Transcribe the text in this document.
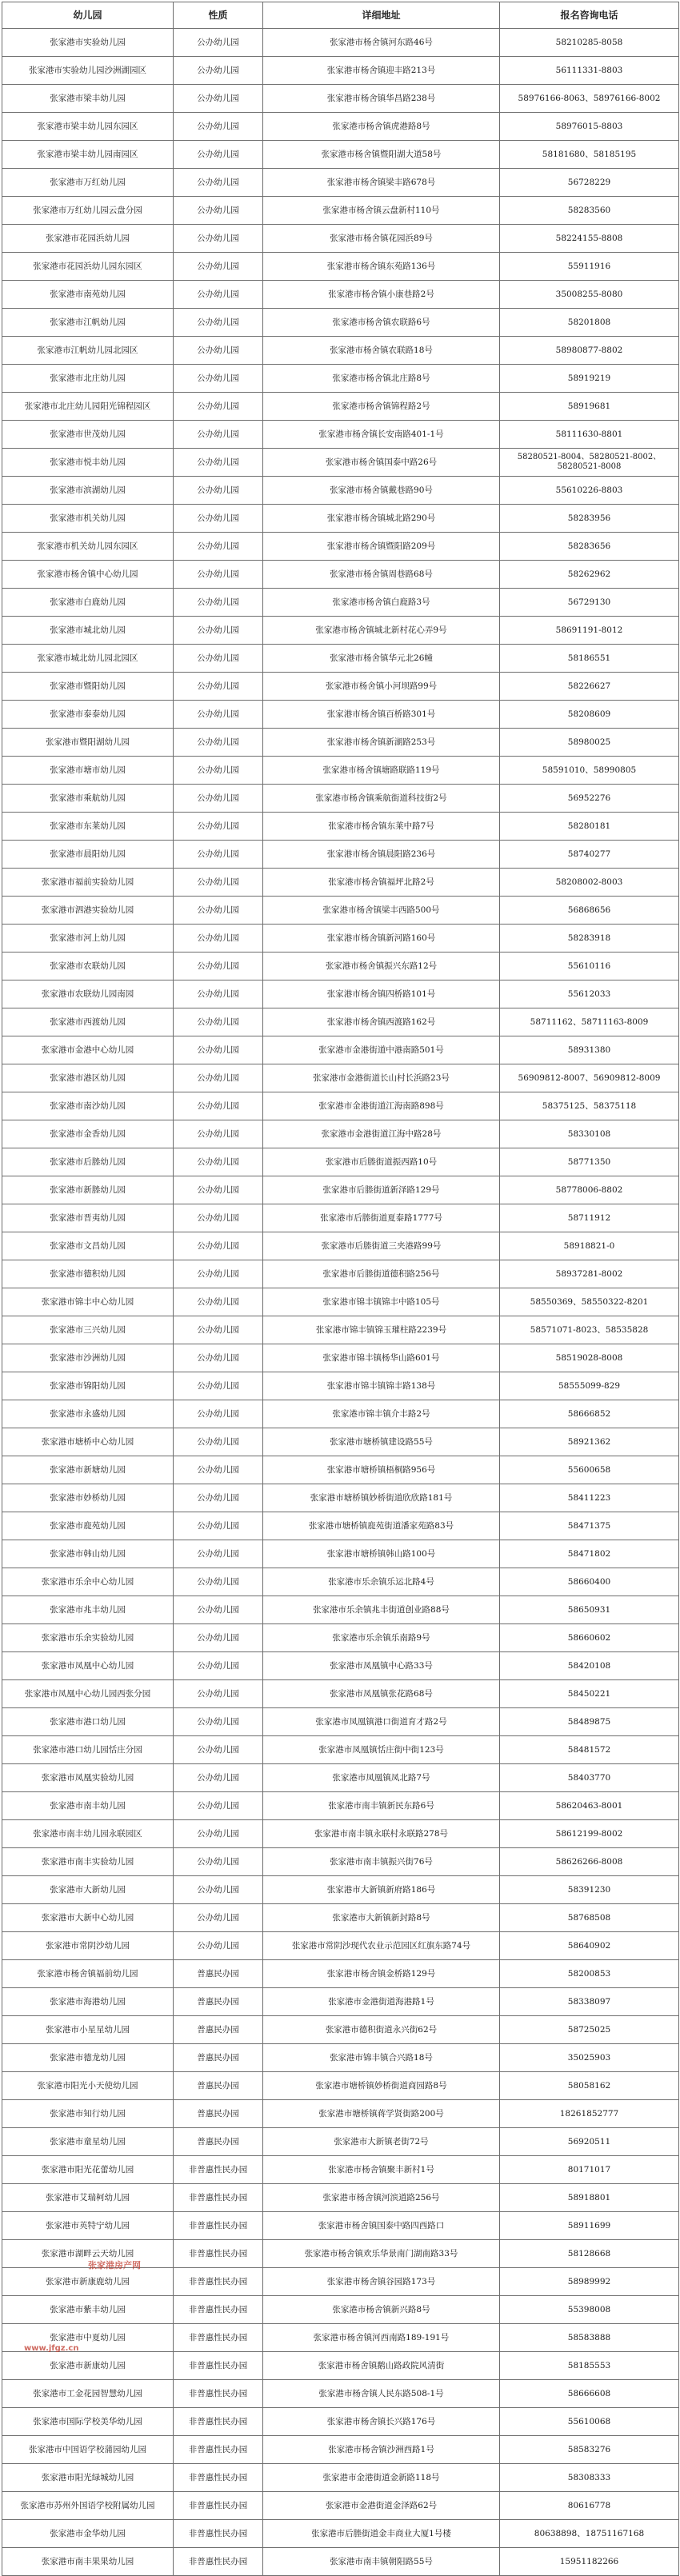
幼儿园	性质	详细地址	报名咨询电话
张家港市实验幼儿园	公办幼儿园	张家港市杨舍镇河东路46号	58210285-8058
张家港市实验幼儿园沙洲湖园区	公办幼儿园	张家港市杨舍镇迎丰路213号	56111331-8803
张家港市梁丰幼儿园	公办幼儿园	张家港市杨舍镇华昌路238号	58976166-8063、58976166-8002
张家港市梁丰幼儿园东园区	公办幼儿园	张家港市杨舍镇虎港路8号	58976015-8803
张家港市梁丰幼儿园南园区	公办幼儿园	张家港市杨舍镇暨阳湖大道58号	58181680、58185195
张家港市万红幼儿园	公办幼儿园	张家港市杨舍镇梁丰路678号	56728229
张家港市万红幼儿园云盘分园	公办幼儿园	张家港市杨舍镇云盘新村110号	58283560
张家港市花园浜幼儿园	公办幼儿园	张家港市杨舍镇花园浜89号	58224155-8808
张家港市花园浜幼儿园东园区	公办幼儿园	张家港市杨舍镇东苑路136号	55911916
张家港市南苑幼儿园	公办幼儿园	张家港市杨舍镇小康巷路2号	35008255-8080
张家港市江帆幼儿园	公办幼儿园	张家港市杨舍镇农联路6号	58201808
张家港市江帆幼儿园北园区	公办幼儿园	张家港市杨舍镇农联路18号	58980877-8802
张家港市北庄幼儿园	公办幼儿园	张家港市杨舍镇北庄路8号	58919219
张家港市北庄幼儿园阳光锦程园区	公办幼儿园	张家港市杨舍镇锦程路2号	58919681
张家港市世茂幼儿园	公办幼儿园	张家港市杨舍镇长安南路401-1号	58111630-8801
张家港市悦丰幼儿园	公办幼儿园	张家港市杨舍镇国泰中路26号	58280521-8004、58280521-8002、58280521-8008
张家港市滨湖幼儿园	公办幼儿园	张家港市杨舍镇戴巷路90号	55610226-8803
张家港市机关幼儿园	公办幼儿园	张家港市杨舍镇城北路290号	58283956
张家港市机关幼儿园东园区	公办幼儿园	张家港市杨舍镇暨阳路209号	58283656
张家港市杨舍镇中心幼儿园	公办幼儿园	张家港市杨舍镇周巷路68号	58262962
张家港市白鹿幼儿园	公办幼儿园	张家港市杨舍镇白鹿路3号	56729130
张家港市城北幼儿园	公办幼儿园	张家港市杨舍镇城北新村花心弄9号	58691191-8012
张家港市城北幼儿园北园区	公办幼儿园	张家港市杨舍镇华元北26幢	58186551
张家港市暨阳幼儿园	公办幼儿园	张家港市杨舍镇小河坝路99号	58226627
张家港市泰泰幼儿园	公办幼儿园	张家港市杨舍镇百桥路301号	58208609
张家港市暨阳湖幼儿园	公办幼儿园	张家港市杨舍镇新湖路253号	58980025
张家港市塘市幼儿园	公办幼儿园	张家港市杨舍镇塘路联路119号	58591010、58990805
张家港市乘航幼儿园	公办幼儿园	张家港市杨舍镇乘航街道科技街2号	56952276
张家港市东莱幼儿园	公办幼儿园	张家港市杨舍镇东莱中路7号	58280181
张家港市晨阳幼儿园	公办幼儿园	张家港市杨舍镇晨阳路236号	58740277
张家港市福前实验幼儿园	公办幼儿园	张家港市杨舍镇福坪北路2号	58208002-8003
张家港市泗港实验幼儿园	公办幼儿园	张家港市杨舍镇梁丰西路500号	56868656
张家港市河上幼儿园	公办幼儿园	张家港市杨舍镇新河路160号	58283918
张家港市农联幼儿园	公办幼儿园	张家港市杨舍镇振兴东路12号	55610116
张家港市农联幼儿园南园	公办幼儿园	张家港市杨舍镇四桥路101号	55612033
张家港市西渡幼儿园	公办幼儿园	张家港市杨舍镇西渡路162号	58711162、58711163-8009
张家港市金港中心幼儿园	公办幼儿园	张家港市金港街道中港南路501号	58931380
张家港市港区幼儿园	公办幼儿园	张家港市金港街道长山村长浜路23号	56909812-8007、56909812-8009
张家港市南沙幼儿园	公办幼儿园	张家港市金港街道江海南路898号	58375125、58375118
张家港市金香幼儿园	公办幼儿园	张家港市金港街道江海中路28号	58330108
张家港市后塍幼儿园	公办幼儿园	张家港市后塍街道振西路10号	58771350
张家港市新塍幼儿园	公办幼儿园	张家港市后塍街道新泽路129号	58778006-8802
张家港市晋夷幼儿园	公办幼儿园	张家港市后塍街道夏泰路1777号	58711912
张家港市文昌幼儿园	公办幼儿园	张家港市后塍街道三夹港路99号	58918821-0
张家港市德积幼儿园	公办幼儿园	张家港市后塍街道德积路256号	58937281-8002
张家港市锦丰中心幼儿园	公办幼儿园	张家港市锦丰镇锦丰中路105号	58550369、58550322-8201
张家港市三兴幼儿园	公办幼儿园	张家港市锦丰镇锦玉璀柱路2239号	58571071-8023、58535828
张家港市沙洲幼儿园	公办幼儿园	张家港市锦丰镇杨华山路601号	58519028-8008
张家港市锦阳幼儿园	公办幼儿园	张家港市锦丰镇锦丰路138号	58555099-829
张家港市永盛幼儿园	公办幼儿园	张家港市锦丰镇介丰路2号	58666852
张家港市塘桥中心幼儿园	公办幼儿园	张家港市塘桥镇建设路55号	58921362
张家港市新塘幼儿园	公办幼儿园	张家港市塘桥镇梧桐路956号	55600658
张家港市妙桥幼儿园	公办幼儿园	张家港市塘桥镇妙桥街道欣欣路181号	58411223
张家港市鹿苑幼儿园	公办幼儿园	张家港市塘桥镇鹿苑街道潘家苑路83号	58471375
张家港市韩山幼儿园	公办幼儿园	张家港市塘桥镇韩山路100号	58471802
张家港市乐余中心幼儿园	公办幼儿园	张家港市乐余镇乐运北路4号	58660400
张家港市兆丰幼儿园	公办幼儿园	张家港市乐余镇兆丰街道创业路88号	58650931
张家港市乐余实验幼儿园	公办幼儿园	张家港市乐余镇乐南路9号	58660602
张家港市凤凰中心幼儿园	公办幼儿园	张家港市凤凰镇中心路33号	58420108
张家港市凤凰中心幼儿园西张分园	公办幼儿园	张家港市凤凰镇张花路68号	58450221
张家港市港口幼儿园	公办幼儿园	张家港市凤凰镇港口街道育才路2号	58489875
张家港市港口幼儿园恬庄分园	公办幼儿园	张家港市凤凰镇恬庄街中街123号	58481572
张家港市凤凰实验幼儿园	公办幼儿园	张家港市凤凰镇凤北路7号	58403770
张家港市南丰幼儿园	公办幼儿园	张家港市南丰镇新民东路6号	58620463-8001
张家港市南丰幼儿园永联园区	公办幼儿园	张家港市南丰镇永联村永联路278号	58612199-8002
张家港市南丰实验幼儿园	公办幼儿园	张家港市南丰镇振兴街76号	58626266-8008
张家港市大新幼儿园	公办幼儿园	张家港市大新镇新府路186号	58391230
张家港市大新中心幼儿园	公办幼儿园	张家港市大新镇新封路8号	58768508
张家港市常阴沙幼儿园	公办幼儿园	张家港市常阴沙现代农业示范园区红旗东路74号	58640902
张家港市杨舍镇福前幼儿园	普惠民办园	张家港市杨舍镇金桥路129号	58200853
张家港市海港幼儿园	普惠民办园	张家港市金港街道海港路1号	58338097
张家港市小星星幼儿园	普惠民办园	张家港市德积街道永兴街62号	58725025
张家港市德龙幼儿园	普惠民办园	张家港市锦丰镇合兴路18号	35025903
张家港市阳光小天使幼儿园	普惠民办园	张家港市塘桥镇妙桥街道商园路8号	58058162
张家港市知行幼儿园	普惠民办园	张家港市塘桥镇蒋学贤街路200号	18261852777
张家港市童星幼儿园	普惠民办园	张家港市大新镇老街72号	56920511
张家港市阳光花蕾幼儿园	非普惠性民办园	张家港市杨舍镇聚丰新村1号	80171017
张家港市艾瑞柯幼儿园	非普惠性民办园	张家港市杨舍镇河滨道路256号	58918801
张家港市英特宁幼儿园	非普惠性民办园	张家港市杨舍镇国泰中路四西路口	58911699
张家港市湖畔云天幼儿园	非普惠性民办园	张家港市杨舍镇欢乐华景南门湖南路33号	58128668
张家港市新康鹿幼儿园	非普惠性民办园	张家港市杨舍镇谷园路173号	58989992
张家港市紫丰幼儿园	非普惠性民办园	张家港市杨舍镇新兴路8号	55398008
张家港市中夏幼儿园	非普惠性民办园	张家港市杨舍镇河西南路189-191号	58583888
张家港市新康幼儿园	非普惠性民办园	张家港市杨舍镇鹅山路政院风清街	58185553
张家港市工金花园智慧幼儿园	非普惠性民办园	张家港市杨舍镇人民东路508-1号	58666608
张家港市国际学校美华幼儿园	非普惠性民办园	张家港市杨舍镇长兴路176号	55610068
张家港市中国语学校蒲园幼儿园	非普惠性民办园	张家港市杨舍镇沙洲西路1号	58583276
张家港市阳光绿城幼儿园	非普惠性民办园	张家港市金港街道金新路118号	58308333
张家港市苏州外国语学校附属幼儿园	非普惠性民办园	张家港市金港街道金泽路62号	80616778
张家港市金华幼儿园	非普惠性民办园	张家港市后塍街道金丰商业大厦1号楼	80638898、18751167168
张家港市南丰果果幼儿园	非普惠性民办园	张家港市南丰镇朝阳路55号	15951182266
张家港房产网
www.jfgz.cn
